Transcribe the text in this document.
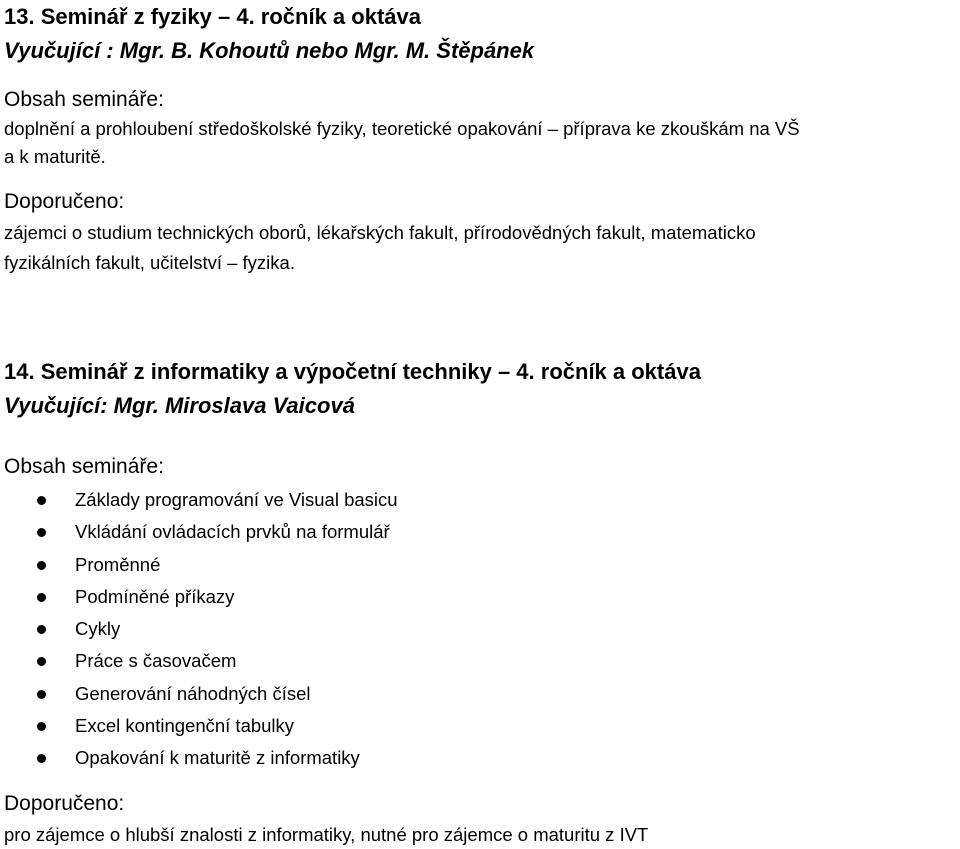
13. Seminář z fyziky – 4. ročník a oktáva
Vyučující : Mgr. B. Kohoutů nebo Mgr. M. Štěpánek
Obsah semináře:
doplnění a prohloubení středoškolské fyziky, teoretické opakování – příprava ke zkouškám na VŠ
a k maturitě.
Doporučeno:
zájemci o studium technických oborů, lékařských fakult, přírodovědných fakult, matematicko
fyzikálních fakult, učitelství – fyzika.
14. Seminář z informatiky a výpočetní techniky – 4. ročník a oktáva
Vyučující: Mgr. Miroslava Vaicová
Obsah semináře:
Základy programování ve Visual basicu
Vkládání ovládacích prvků na formulář
Proměnné
Podmíněné příkazy
Cykly
Práce s časovačem
Generování náhodných čísel
Excel kontingenční tabulky
Opakování k maturitě z informatiky
Doporučeno:
pro zájemce o hlubší znalosti z informatiky, nutné pro zájemce o maturitu z IVT
